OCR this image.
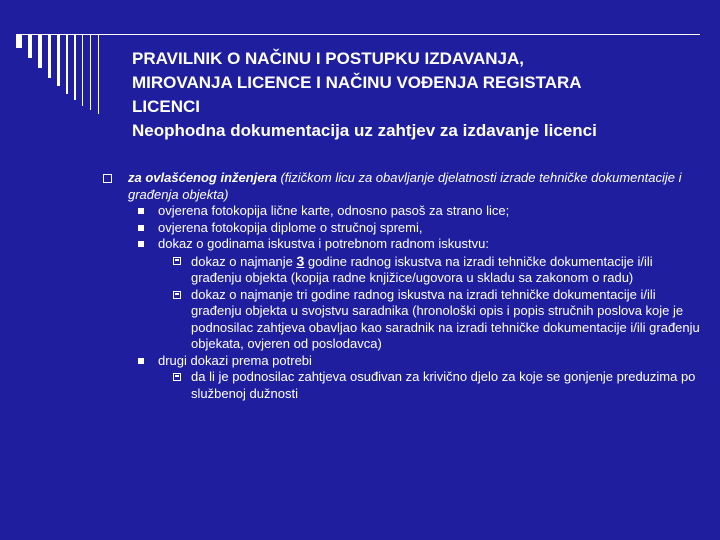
PRAVILNIK O NAČINU I POSTUPKU IZDAVANJA,
MIROVANJA LICENCE I NAČINU VOĐENJA REGISTARA
LICENCI
Neophodna dokumentacija uz zahtjev za izdavanje licenci
za ovlašćenog inženjera (fizičkom licu za obavljanje djelatnosti izrade tehničke dokumentacije i građenja objekta)
ovjerena fotokopija lične karte, odnosno pasoš za strano lice;
ovjerena fotokopija diplome o stručnoj spremi,
dokaz o godinama iskustva i potrebnom radnom iskustvu:
dokaz o najmanje 3 godine radnog iskustva na izradi tehničke dokumentacije i/ili građenju objekta (kopija radne knjižice/ugovora u skladu sa zakonom o radu)
dokaz o najmanje tri godine radnog iskustva na izradi tehničke dokumentacije i/ili građenju objekta u svojstvu saradnika (hronološki opis i popis stručnih poslova koje je podnosilac zahtjeva obavljao kao saradnik na izradi tehničke dokumentacije i/ili građenju objekata, ovjeren od poslodavca)
drugi dokazi prema potrebi
da li je podnosilac zahtjeva osuđivan za krivično djelo za koje se gonjenje preduzima po službenoj dužnosti
